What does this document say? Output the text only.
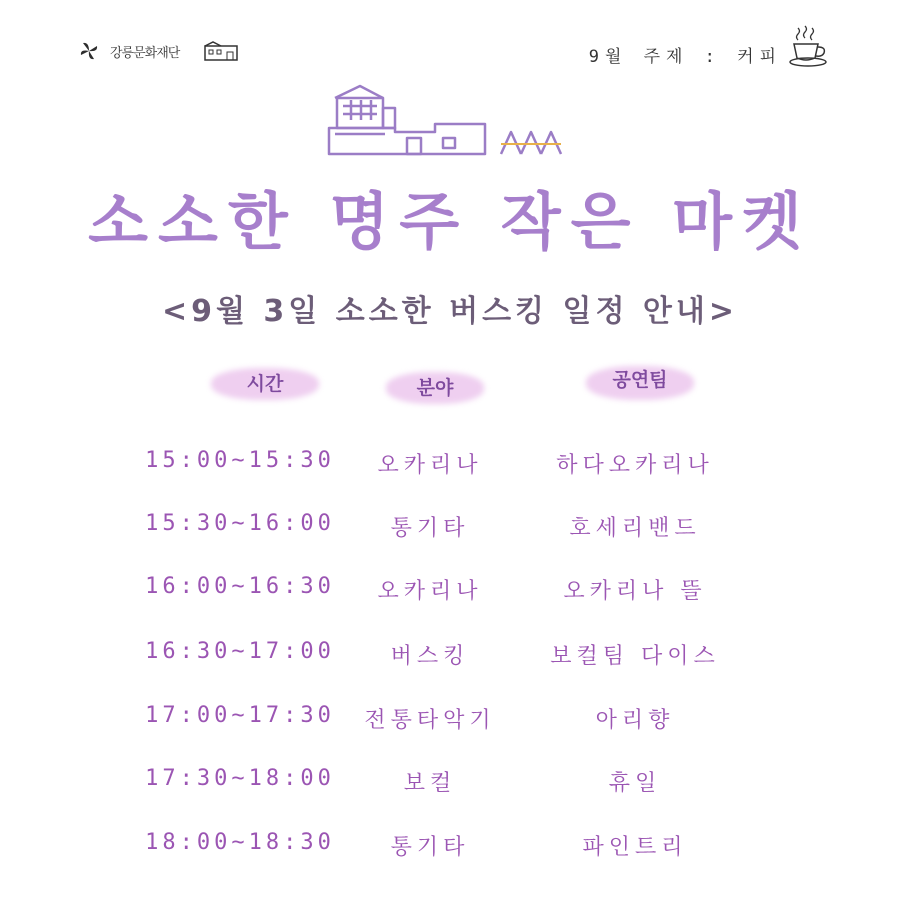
강릉문화재단	9월 주제 : 커피
소소한 명주 작은 마켓
<9월 3일 소소한 버스킹 일정 안내>
시간	분야	공연팀
15:00~15:30	오카리나	하다오카리나
15:30~16:00	통기타	호세리밴드
16:00~16:30	오카리나	오카리나 뜰
16:30~17:00	버스킹	보컬팀 다이스
17:00~17:30	전통타악기	아리향
17:30~18:00	보컬	휴일
18:00~18:30	통기타	파인트리
